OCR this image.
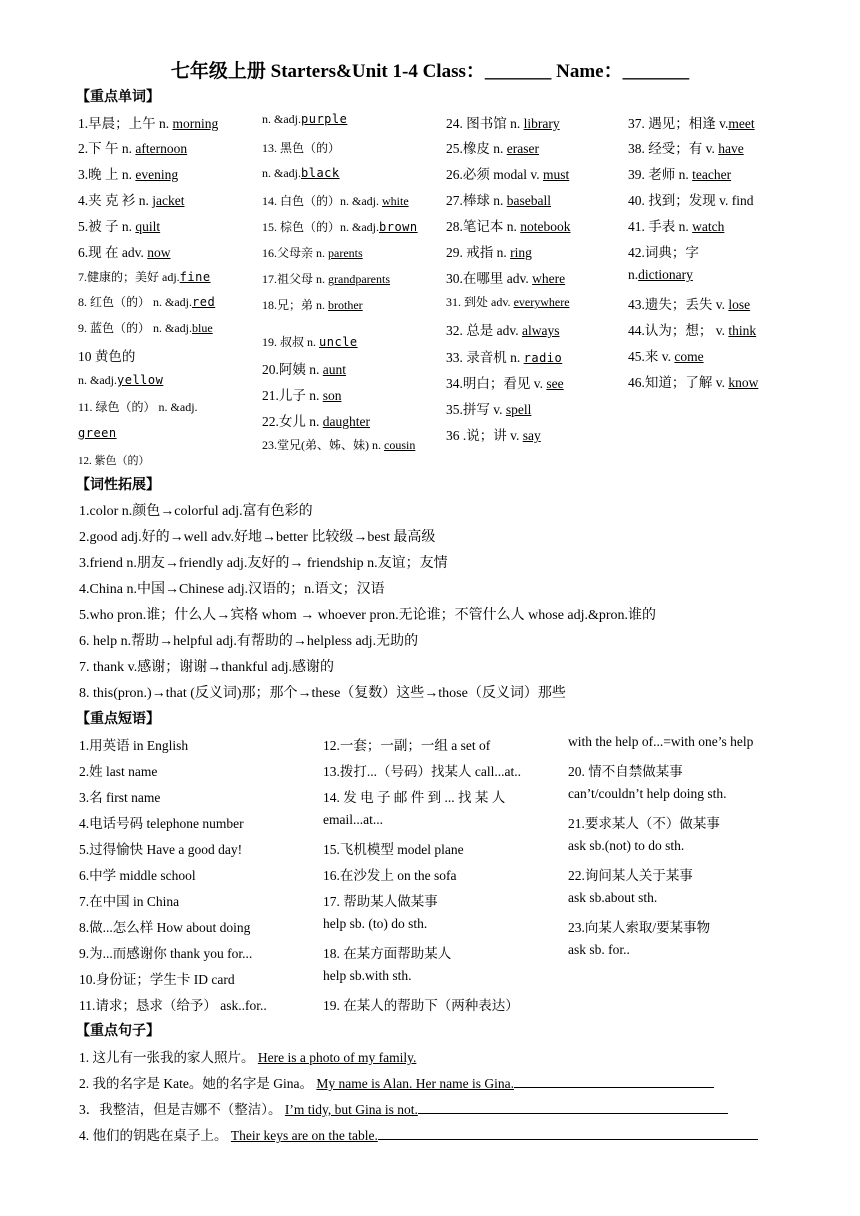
七年级上册 Starters&Unit 1-4 Class：_______ Name：_______
【重点单词】
1.早晨；上午 n. morning
2.下 午 n. afternoon
3.晚 上 n. evening
4.夹 克 衫 n. jacket
5.被 子 n. quilt
6.现 在 adv. now
7.健康的；美好 adj.fine
8. 红色（的） n. &adj.red
9. 蓝色（的） n. &adj.blue
10 黄色的
n. &adj.yellow
11. 绿色（的） n. &adj.
green
12. 紫色（的）
n. &adj.purple
13. 黑色（的）
n. &adj.black
14. 白色（的）n. &adj. white
15. 棕色（的）n. &adj.brown
16.父母亲 n. parents
17.祖父母 n. grandparents
18.兄；弟 n. brother
19. 叔叔 n. uncle
20.阿姨 n. aunt
21.儿子 n. son
22.女儿 n. daughter
23.堂兄(弟、姊、妹) n. cousin
24. 图书馆 n. library
25.橡皮 n. eraser
26.必须 modal v. must
27.棒球 n. baseball
28.笔记本 n. notebook
29. 戒指 n. ring
30.在哪里 adv. where
31. 到处 adv. everywhere
32. 总是 adv. always
33. 录音机 n. radio
34.明白；看见 v. see
35.拼写 v. spell
36 .说；讲 v. say
37. 遇见；相逢 v.meet
38. 经受；有 v. have
39. 老师 n. teacher
40. 找到；发现 v. find
41. 手表 n. watch
42.词典；字
n.dictionary
43.遗失；丢失 v. lose
44.认为；想； v. think
45.来 v. come
46.知道；了解 v. know
【词性拓展】
1.color n.颜色→colorful adj.富有色彩的
2.good adj.好的→well adv.好地→better 比较级→best 最高级
3.friend n.朋友→friendly adj.友好的→ friendship n.友谊；友情
4.China n.中国→Chinese adj.汉语的；n.语文；汉语
5.who pron.谁；什么人→宾格 whom → whoever pron.无论谁；不管什么人 whose adj.&pron.谁的
6. help n.帮助→helpful adj.有帮助的→helpless adj.无助的
7. thank v.感谢；谢谢→thankful adj.感谢的
8. this(pron.)→that (反义词)那；那个→these（复数）这些→those（反义词）那些
【重点短语】
1.用英语 in English
2.姓 last name
3.名 first name
4.电话号码 telephone number
5.过得愉快 Have a good day!
6.中学 middle school
7.在中国 in China
8.做...怎么样 How about doing
9.为...而感谢你 thank you for...
10.身份证；学生卡 ID card
11.请求；恳求（给予） ask..for..
12.一套；一副；一组 a set of
13.拨打...（号码）找某人 call...at..
14. 发 电 子 邮 件 到 ... 找 某 人
email...at...
15.飞机模型 model plane
16.在沙发上 on the sofa
17. 帮助某人做某事
help sb. (to) do sth.
18. 在某方面帮助某人
help sb.with sth.
19. 在某人的帮助下（两种表达）
with the help of...=with one’s help
20. 情不自禁做某事
can’t/couldn’t help doing sth.
21.要求某人（不）做某事
ask sb.(not) to do sth.
22.询问某人关于某事
ask sb.about sth.
23.向某人索取/要某事物
ask sb. for..
【重点句子】
1. 这儿有一张我的家人照片。 Here is a photo of my family.
2. 我的名字是 Kate。她的名字是 Gina。 My name is Alan. Her name is Gina.
3．我整洁，但是吉娜不（整洁）。 I’m tidy, but Gina is not.
4. 他们的钥匙在桌子上。 Their keys are on the table.
